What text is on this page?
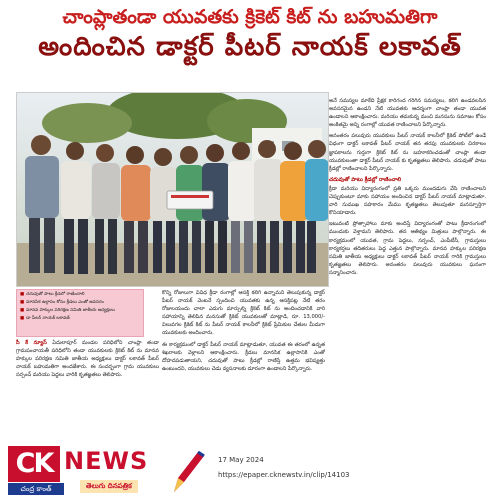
చాంప్లాతండా యువతకు క్రికెట్ కిట్ ను బహుమతిగా
అందించిన డాక్టర్ పీటర్ నాయక్ లకావత్
■ చదువుతో పాటు క్రీడలో రాణించాలి
■ మానసిక ఉల్లాసం కోసం క్రీడలు ఎంతో అవసరం
■ మానవ హక్కుల పరిరక్షణ సమితి జాతీయ అధ్యక్షులు
■ డా పీటర్ నాయక్ లకావత్

అనే సమస్యల మాకేది ప్రేక్షక కారిగంద గరిగిన సమస్యలు, కలిగి ఉండవలసిన అవసరమైన ఉండని నేటి యువతకు ఆదర్శంగా చాంప్లా తండా యువత ఉండాలని ఆకాంక్షించారు. మరియు తమకున్న మంచి మనసును సమాజం కోసం అంకితమై అన్ని రంగాల్లో యువత రాణించాలని పేర్కొన్నారు.

అనంతరం పలువురు యువకులు పీటర్ నాయక్ కాలనీలో క్రికెట్ పోటీలో ఉండే విధంగా డాక్టర్ లకావత్ పీటర్ నాయక్ తన తరఫు యువకులకు చిరకాలం జ్ఞాపకాలను గుర్తుగా క్రికెట్ కిట్ ను బహూకరించడంతో చాంప్లా తండా యువకులంతా డాక్టర్ పీటర్ నాయక్ కు కృతజ్ఞతలు తెలిపారు. చదువుతో పాటు క్రీడల్లో రాణించాలని పేర్కొన్నారు.

చదువుతో పాటు క్రీడల్లో రాణించాలి

క్రీడా మరియు విద్యారంగంలో ప్రతి ఒక్కరు ముందడుగు వేసి రాణించాలని చెప్పుకుంటూ మాకు సహాయం అందించిన డాక్టర్ పీటర్ నాయక్ మాట్లాడుతూ. వారి సుముఖ సహకారం మేము కృతజ్ఞతలు తెలుపుతూ మనస్ఫూర్తిగా కొనియాడారు.

ఇటువంటి ప్రోత్సాహాలు మాకు అందిస్తే విద్యారంగంతో పాటు క్రీడారంగంలో ముందుకు వెళ్తామని తెలిపారు. తన ఆతిథ్యం మిత్రులు పాల్గొన్నారు. ఈ కార్యక్రమంలో యువత, గ్రామ పెద్దలు, సర్పంచ్, ఎంపీటీసీ, గ్రామస్తులు కార్యకర్తలు తదితరులు పెద్ద ఎత్తున పాల్గొన్నారు. మానవ హక్కుల పరిరక్షణ సమితి జాతీయ అధ్యక్షులు డాక్టర్ లకావత్ పీటర్ నాయక్ గారికి గ్రామస్తులు కృతజ్ఞతలు తెలిపారు. అనంతరం పలువురు యువకులు ఘనంగా సన్మానించారు.

కొన్ని రోజులుగా వివిధ క్రీడా రంగాల్లో ఆసక్తి కలిగి ఉన్నామని తెలుపుకున్న డాక్టర్ పీటర్ నాయక్ వెంటనే స్పందించి యువతకు ఉన్న ఆసక్తిపట్ల నేటి తరం రోజులయందు చాలా ఎదుగు మార్పుల్ని క్రికెట్ కిట్ ను అందించడానికి వారి సహాయాన్ని తెలిపిన మనసుతో క్రికెట్ యువకులతో మాట్లాడి, రూ. 13,000/- విలువగల క్రికెట్ కిట్ ను పీటర్ నాయక్ కాలనీలో క్రికెట్ ప్రేమికుల చేతుల మీదుగా యువకులకు అందించారు.

ఈ కార్యక్రమంలో డాక్టర్ పీటర్ నాయక్ మాట్లాడుతూ, యువత ఈ తరంలో ఉన్నత శిఖరాలకు వెళ్లాలని ఆకాంక్షించారు. క్రీడలు మానసిక ఉల్లాసానికి ఎంతో దోహదపడుతాయని, చదువుతో పాటు క్రీడల్లో రాణిస్తే ఉత్తమ భవిష్యత్తు ఉంటుందని, యువకులు చెడు వ్యసనాలకు దూరంగా ఉండాలని పేర్కొన్నారు.

సీ కే న్యూస్ ఏదులాపూర్ మండల పరిధిలోని చాంప్లా తండా గ్రామపంచాయతీ పరిధిలోని తండా యువకులకు క్రికెట్ కిట్ ను మానవ హక్కుల పరిరక్షణ సమితి జాతీయ అధ్యక్షులు డాక్టర్ లకావత్ పీటర్ నాయక్ బహుమతిగా అందజేశారు. ఈ సందర్భంగా గ్రామ యువకులు సర్పంచ్ మరియు పెద్దలు వారికి కృతజ్ఞతలు తెలిపారు.

CK
చంద్ర కాంత్
NEWS
తెలుగు దినపత్రిక
17 May 2024
https://epaper.cknewstv.in/clip/14103
